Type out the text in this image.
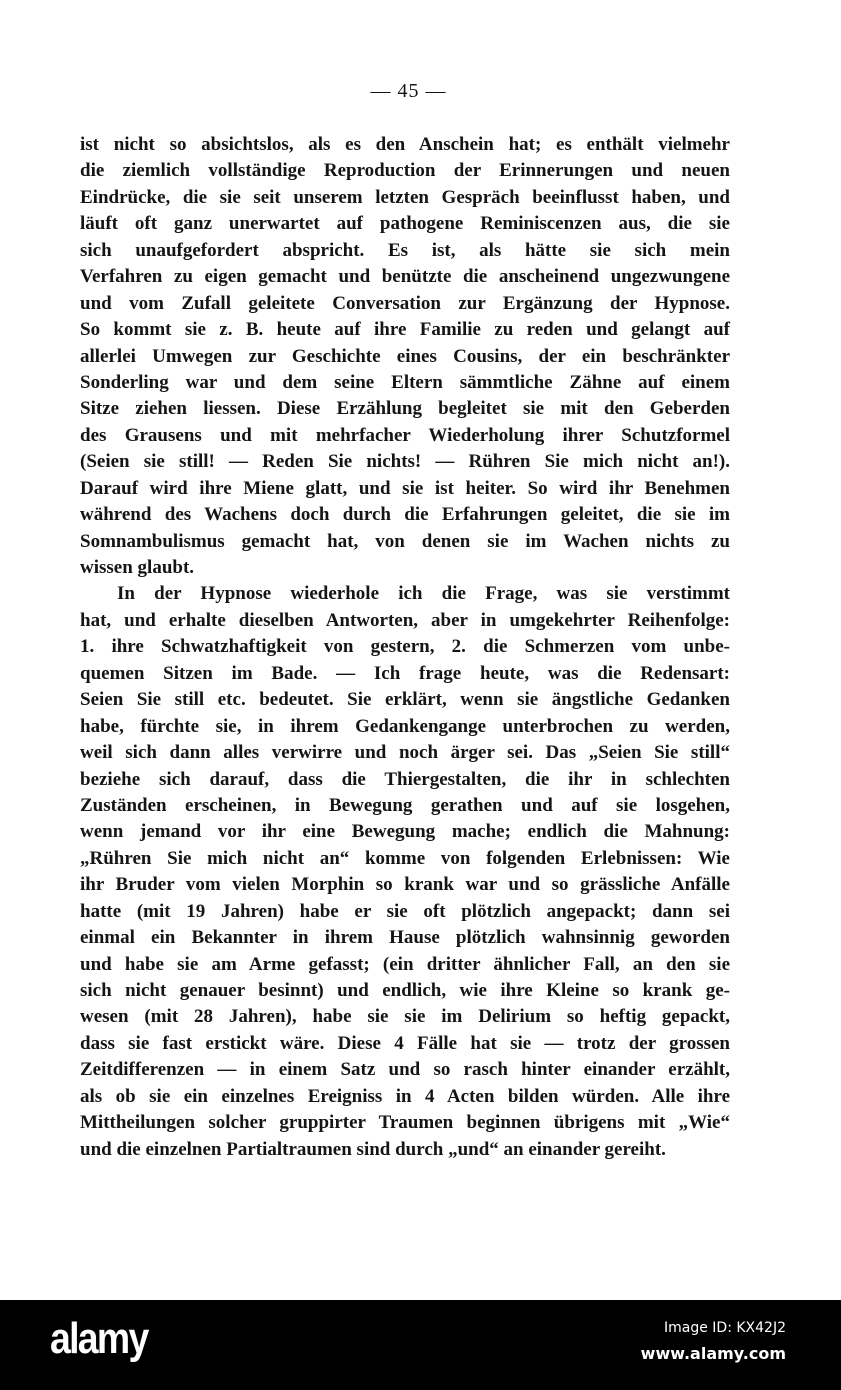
— 45 —
ist nicht so absichtslos, als es den Anschein hat; es enthält vielmehr
die ziemlich vollständige Reproduction der Erinnerungen und neuen
Eindrücke, die sie seit unserem letzten Gespräch beeinflusst haben, und
läuft oft ganz unerwartet auf pathogene Reminiscenzen aus, die sie
sich unaufgefordert abspricht. Es ist, als hätte sie sich mein
Verfahren zu eigen gemacht und benützte die anscheinend ungezwungene
und vom Zufall geleitete Conversation zur Ergänzung der Hypnose.
So kommt sie z. B. heute auf ihre Familie zu reden und gelangt auf
allerlei Umwegen zur Geschichte eines Cousins, der ein beschränkter
Sonderling war und dem seine Eltern sämmtliche Zähne auf einem
Sitze ziehen liessen. Diese Erzählung begleitet sie mit den Geberden
des Grausens und mit mehrfacher Wiederholung ihrer Schutzformel
(Seien sie still! — Reden Sie nichts! — Rühren Sie mich nicht an!).
Darauf wird ihre Miene glatt, und sie ist heiter. So wird ihr Benehmen
während des Wachens doch durch die Erfahrungen geleitet, die sie im
Somnambulismus gemacht hat, von denen sie im Wachen nichts zu
wissen glaubt.
In der Hypnose wiederhole ich die Frage, was sie verstimmt
hat, und erhalte dieselben Antworten, aber in umgekehrter Reihenfolge:
1. ihre Schwatzhaftigkeit von gestern, 2. die Schmerzen vom unbe-
quemen Sitzen im Bade. — Ich frage heute, was die Redensart:
Seien Sie still etc. bedeutet. Sie erklärt, wenn sie ängstliche Gedanken
habe, fürchte sie, in ihrem Gedankengange unterbrochen zu werden,
weil sich dann alles verwirre und noch ärger sei. Das „Seien Sie still“
beziehe sich darauf, dass die Thiergestalten, die ihr in schlechten
Zuständen erscheinen, in Bewegung gerathen und auf sie losgehen,
wenn jemand vor ihr eine Bewegung mache; endlich die Mahnung:
„Rühren Sie mich nicht an“ komme von folgenden Erlebnissen: Wie
ihr Bruder vom vielen Morphin so krank war und so grässliche Anfälle
hatte (mit 19 Jahren) habe er sie oft plötzlich angepackt; dann sei
einmal ein Bekannter in ihrem Hause plötzlich wahnsinnig geworden
und habe sie am Arme gefasst; (ein dritter ähnlicher Fall, an den sie
sich nicht genauer besinnt) und endlich, wie ihre Kleine so krank ge-
wesen (mit 28 Jahren), habe sie sie im Delirium so heftig gepackt,
dass sie fast erstickt wäre. Diese 4 Fälle hat sie — trotz der grossen
Zeitdifferenzen — in einem Satz und so rasch hinter einander erzählt,
als ob sie ein einzelnes Ereigniss in 4 Acten bilden würden. Alle ihre
Mittheilungen solcher gruppirter Traumen beginnen übrigens mit „Wie“
und die einzelnen Partialtraumen sind durch „und“ an einander gereiht.
alamy	Image ID: KX42J2
www.alamy.com
